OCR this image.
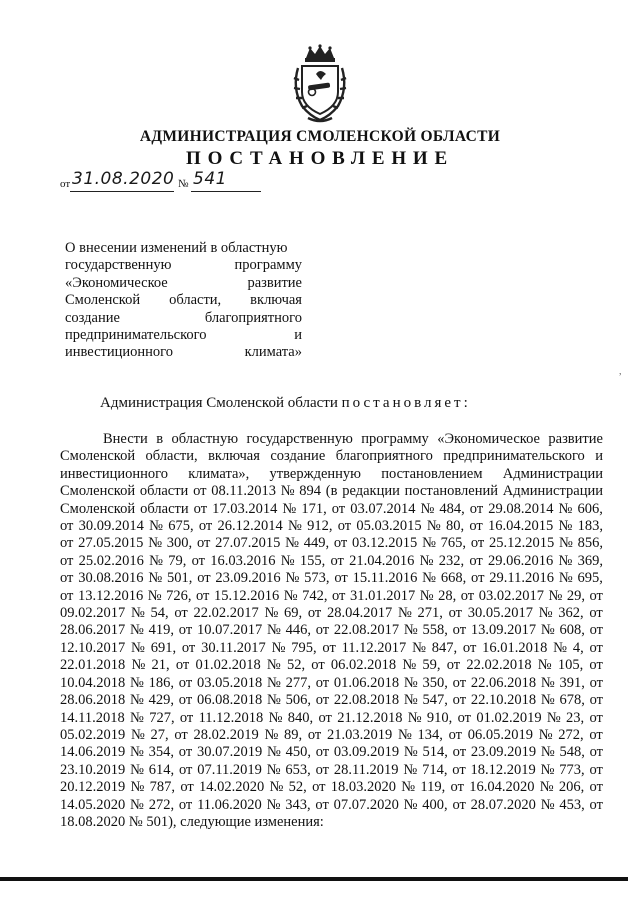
АДМИНИСТРАЦИЯ СМОЛЕНСКОЙ ОБЛАСТИ
ПОСТАНОВЛЕНИЕ
от 31.08.2020 № 541
О внесении изменений в областную
государственную	программу
«Экономическое	развитие
Смоленской области, включая
создание	благоприятного
предпринимательского	и
инвестиционного	климата»
,
Администрация Смоленской области постановляет:
Внести в областную государственную программу «Экономическое развитие
Смоленской области, включая создание благоприятного предпринимательского и
инвестиционного климата», утвержденную постановлением Администрации
Смоленской области от 08.11.2013 № 894 (в редакции постановлений Администрации
Смоленской области от 17.03.2014 № 171, от 03.07.2014 № 484, от 29.08.2014 № 606,
от 30.09.2014 № 675, от 26.12.2014 № 912, от 05.03.2015 № 80, от 16.04.2015 № 183,
от 27.05.2015 № 300, от 27.07.2015 № 449, от 03.12.2015 № 765, от 25.12.2015 № 856,
от 25.02.2016 № 79, от 16.03.2016 № 155, от 21.04.2016 № 232, от 29.06.2016 № 369,
от 30.08.2016 № 501, от 23.09.2016 № 573, от 15.11.2016 № 668, от 29.11.2016 № 695,
от 13.12.2016 № 726, от 15.12.2016 № 742, от 31.01.2017 № 28, от 03.02.2017 № 29, от
09.02.2017 № 54, от 22.02.2017 № 69, от 28.04.2017 № 271, от 30.05.2017 № 362, от
28.06.2017 № 419, от 10.07.2017 № 446, от 22.08.2017 № 558, от 13.09.2017 № 608, от
12.10.2017 № 691, от 30.11.2017 № 795, от 11.12.2017 № 847, от 16.01.2018 № 4, от
22.01.2018 № 21, от 01.02.2018 № 52, от 06.02.2018 № 59, от 22.02.2018 № 105, от
10.04.2018 № 186, от 03.05.2018 № 277, от 01.06.2018 № 350, от 22.06.2018 № 391, от
28.06.2018 № 429, от 06.08.2018 № 506, от 22.08.2018 № 547, от 22.10.2018 № 678, от
14.11.2018 № 727, от 11.12.2018 № 840, от 21.12.2018 № 910, от 01.02.2019 № 23, от
05.02.2019 № 27, от 28.02.2019 № 89, от 21.03.2019 № 134, от 06.05.2019 № 272, от
14.06.2019 № 354, от 30.07.2019 № 450, от 03.09.2019 № 514, от 23.09.2019 № 548, от
23.10.2019 № 614, от 07.11.2019 № 653, от 28.11.2019 № 714, от 18.12.2019 № 773, от
20.12.2019 № 787, от 14.02.2020 № 52, от 18.03.2020 № 119, от 16.04.2020 № 206, от
14.05.2020 № 272, от 11.06.2020 № 343, от 07.07.2020 № 400, от 28.07.2020 № 453, от
18.08.2020 № 501), следующие изменения:
